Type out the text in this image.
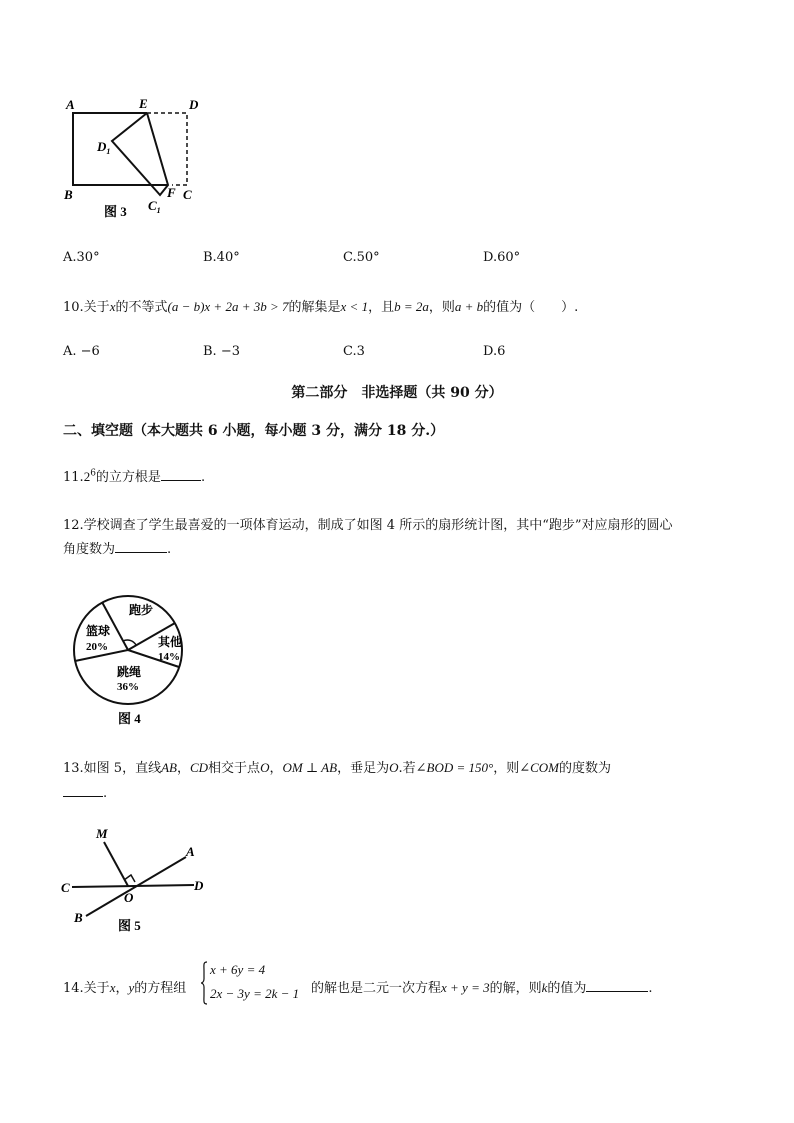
A	E	D
$D_1$
B	F C
$C_1$
图 3
A.30°	B.40°	C.50°	D.60°
10.关于x的不等式(a − b)x + 2a + 3b > 7的解集是x < 1，且b = 2a，则a + b的值为（　　）.
A. −6	B. −3	C.3	D.6
第二部分　非选择题（共 90 分）
二、填空题（本大题共 6 小题，每小题 3 分，满分 18 分.）
11.2$^6$的立方根是	.
12.学校调查了学生最喜爱的一项体育运动，制成了如图 4 所示的扇形统计图，其中“跑步”对应扇形的圆心
角度数为	.
跑步
篮球
20%	其他
14%
跳绳
36%
图 4
13.如图 5，直线AB，CD相交于点O，OM ⊥ AB，垂足为O.若∠BOD = 150°，则∠COM的度数为
.
M
A
C
O
D
B
图 5
14.关于x，y的方程组
x + 6y = 4
2x − 3y = 2k − 1 的解也是二元一次方程x + y = 3的解，则k的值为	.
